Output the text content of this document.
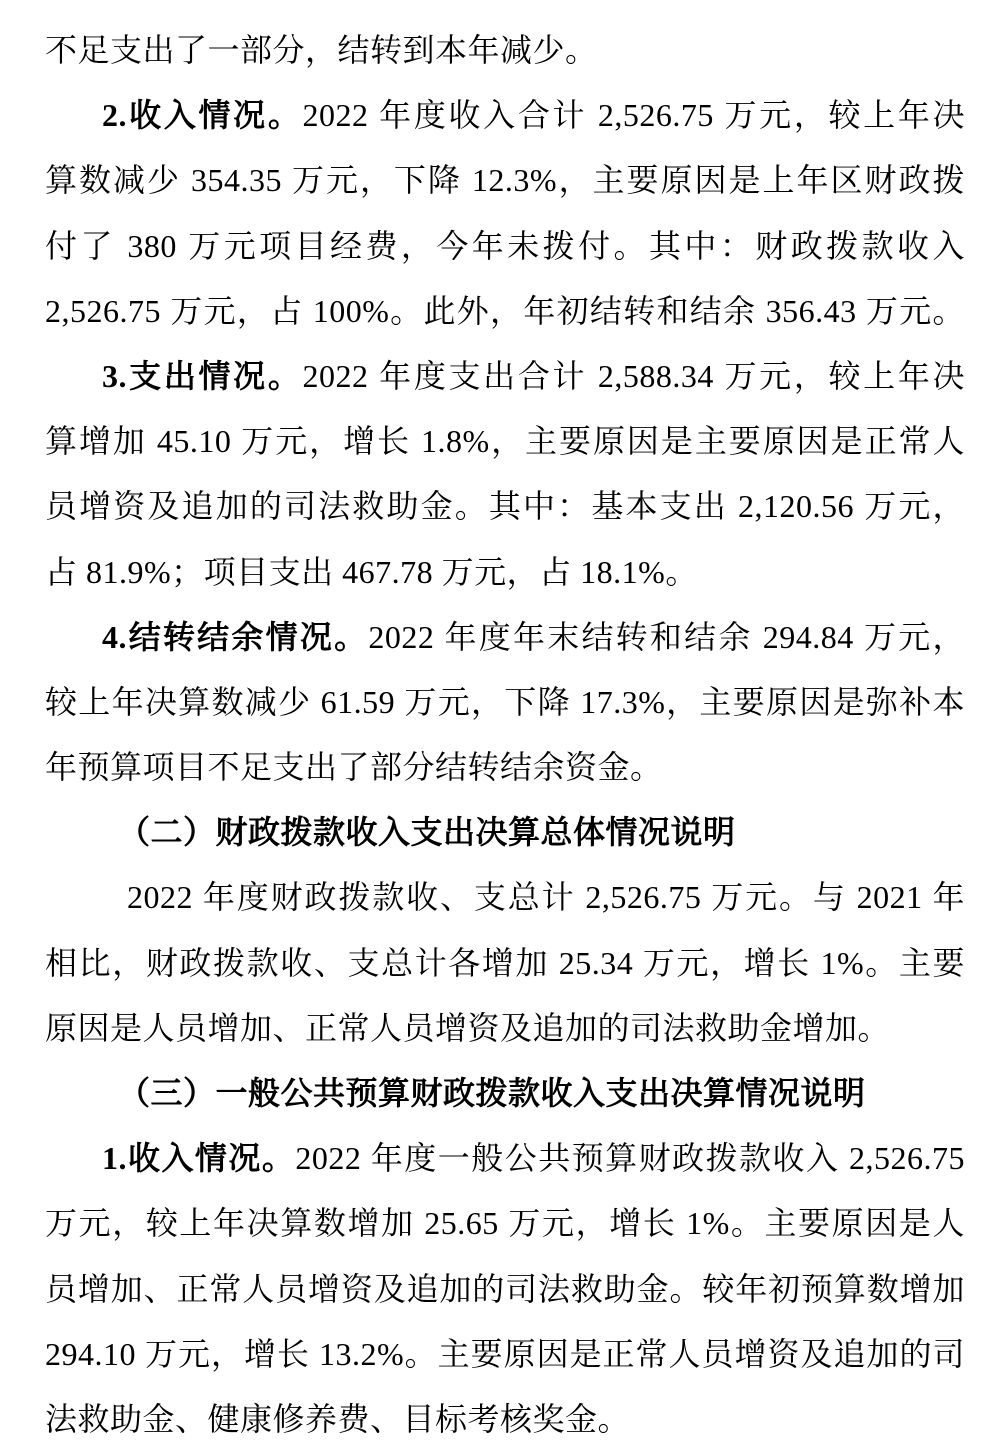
不足支出了一部分，结转到本年减少。
2.收入情况。2022 年度收入合计 2,526.75 万元，较上年决
算数减少 354.35 万元，下降 12.3%，主要原因是上年区财政拨
付了 380 万元项目经费，今年未拨付。其中：财政拨款收入
2,526.75 万元，占 100%。此外，年初结转和结余 356.43 万元。
3.支出情况。2022 年度支出合计 2,588.34 万元，较上年决
算增加 45.10 万元，增长 1.8%，主要原因是主要原因是正常人
员增资及追加的司法救助金。其中：基本支出 2,120.56 万元，
占 81.9%；项目支出 467.78 万元，占 18.1%。
4.结转结余情况。2022 年度年末结转和结余 294.84 万元，
较上年决算数减少 61.59 万元，下降 17.3%，主要原因是弥补本
年预算项目不足支出了部分结转结余资金。
（二）财政拨款收入支出决算总体情况说明
2022 年度财政拨款收、支总计 2,526.75 万元。与 2021 年
相比，财政拨款收、支总计各增加 25.34 万元，增长 1%。主要
原因是人员增加、正常人员增资及追加的司法救助金增加。
（三）一般公共预算财政拨款收入支出决算情况说明
1.收入情况。2022 年度一般公共预算财政拨款收入 2,526.75
万元，较上年决算数增加 25.65 万元，增长 1%。主要原因是人
员增加、正常人员增资及追加的司法救助金。较年初预算数增加
294.10 万元，增长 13.2%。主要原因是正常人员增资及追加的司
法救助金、健康修养费、目标考核奖金。
